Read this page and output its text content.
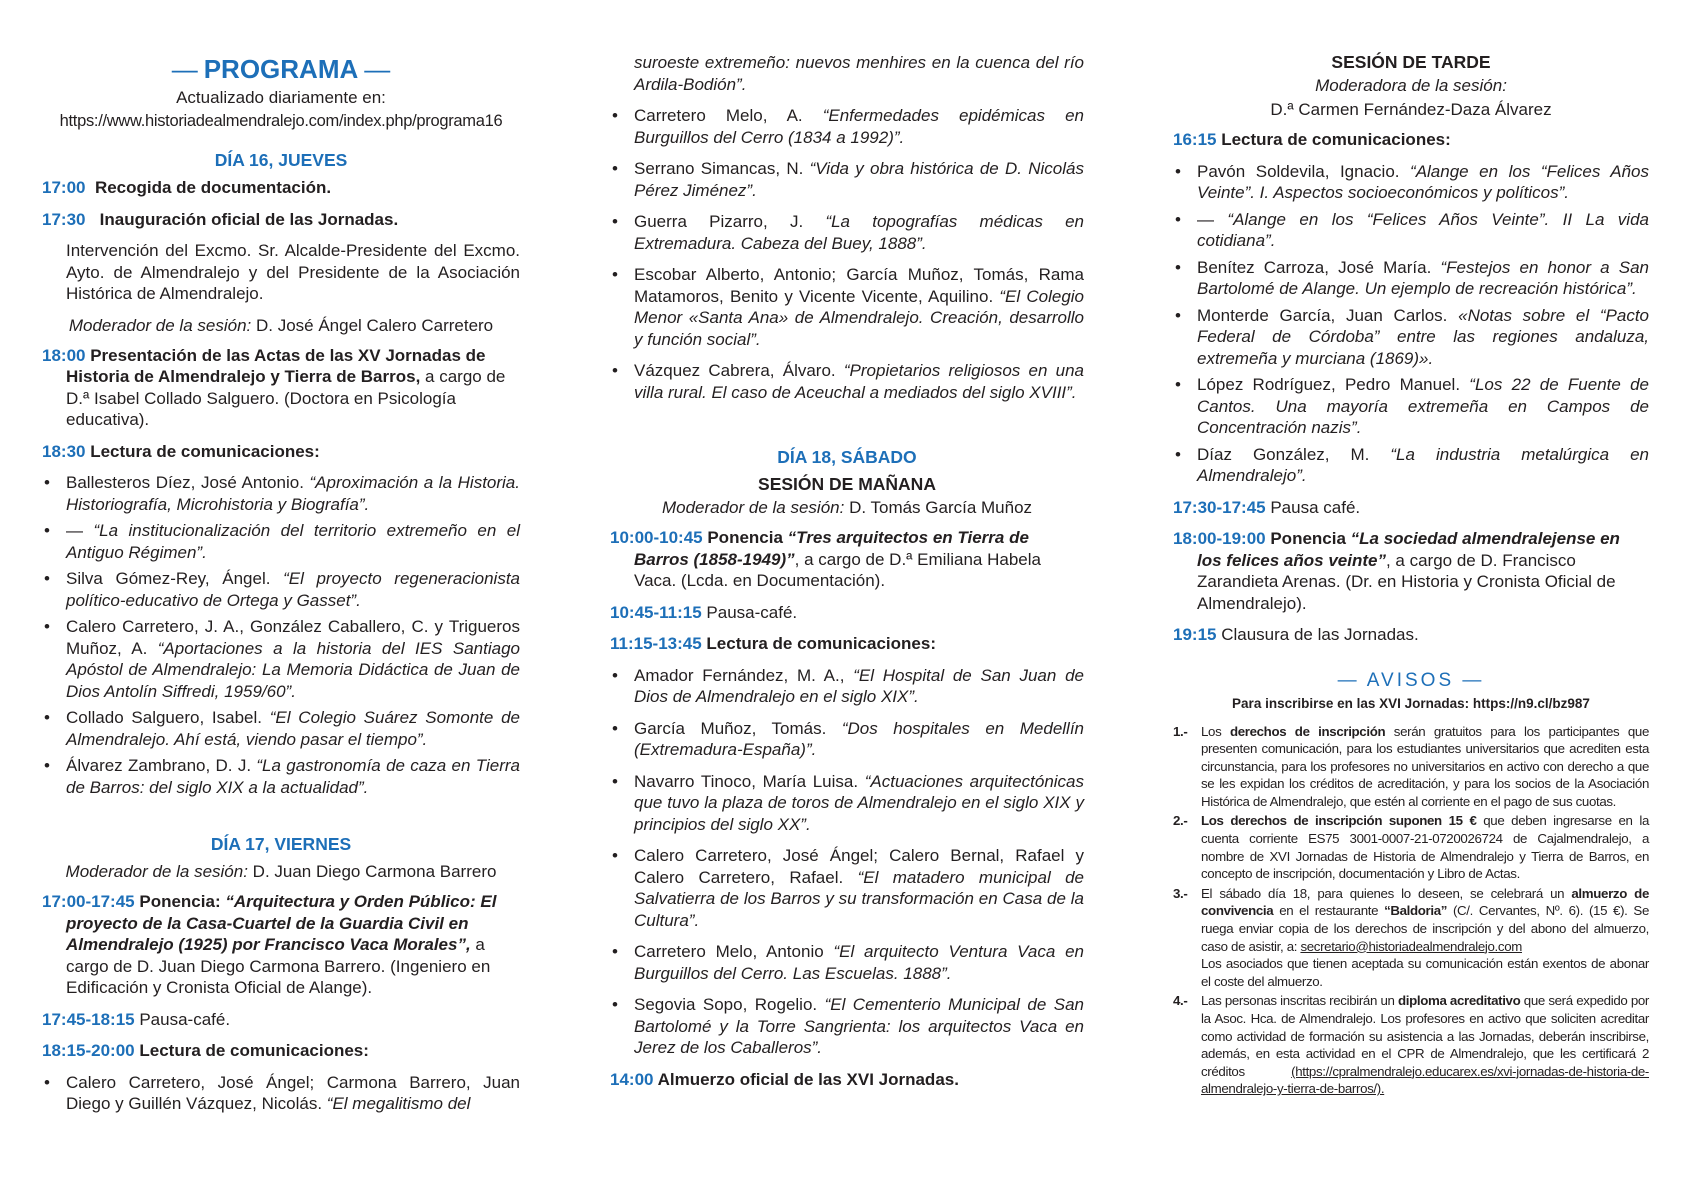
— PROGRAMA —
Actualizado diariamente en:
https://www.historiadealmendralejo.com/index.php/programa16
DÍA 16, JUEVES
17:00 Recogida de documentación.
17:30 Inauguración oficial de las Jornadas.
Intervención del Excmo. Sr. Alcalde-Presidente del Excmo. Ayto. de Almendralejo y del Presidente de la Asociación Histórica de Almendralejo.
Moderador de la sesión: D. José Ángel Calero Carretero
18:00 Presentación de las Actas de las XV Jornadas de Historia de Almendralejo y Tierra de Barros, a cargo de D.ª Isabel Collado Salguero. (Doctora en Psicología educativa).
18:30 Lectura de comunicaciones:
• Ballesteros Díez, José Antonio. “Aproximación a la Historia. Historiografía, Microhistoria y Biografía”.
• — “La institucionalización del territorio extremeño en el Antiguo Régimen”.
• Silva Gómez-Rey, Ángel. “El proyecto regeneracionista político-educativo de Ortega y Gasset”.
• Calero Carretero, J. A., González Caballero, C. y Trigueros Muñoz, A. “Aportaciones a la historia del IES Santiago Apóstol de Almendralejo: La Memoria Didáctica de Juan de Dios Antolín Siffredi, 1959/60”.
• Collado Salguero, Isabel. “El Colegio Suárez Somonte de Almendralejo. Ahí está, viendo pasar el tiempo”.
• Álvarez Zambrano, D. J. “La gastronomía de caza en Tierra de Barros: del siglo XIX a la actualidad”.
DÍA 17, VIERNES
Moderador de la sesión: D. Juan Diego Carmona Barrero
17:00-17:45 Ponencia: “Arquitectura y Orden Público: El proyecto de la Casa-Cuartel de la Guardia Civil en Almendralejo (1925) por Francisco Vaca Morales”, a cargo de D. Juan Diego Carmona Barrero. (Ingeniero en Edificación y Cronista Oficial de Alange).
17:45-18:15 Pausa-café.
18:15-20:00 Lectura de comunicaciones:
• Calero Carretero, José Ángel; Carmona Barrero, Juan Diego y Guillén Vázquez, Nicolás. “El megalitismo del
suroeste extremeño: nuevos menhires en la cuenca del río Ardila-Bodión”.
• Carretero Melo, A. “Enfermedades epidémicas en Burguillos del Cerro (1834 a 1992)”.
• Serrano Simancas, N. “Vida y obra histórica de D. Nicolás Pérez Jiménez”.
• Guerra Pizarro, J. “La topografías médicas en Extremadura. Cabeza del Buey, 1888”.
• Escobar Alberto, Antonio; García Muñoz, Tomás, Rama Matamoros, Benito y Vicente Vicente, Aquilino. “El Colegio Menor «Santa Ana» de Almendralejo. Creación, desarrollo y función social”.
• Vázquez Cabrera, Álvaro. “Propietarios religiosos en una villa rural. El caso de Aceuchal a mediados del siglo XVIII”.
DÍA 18, SÁBADO
SESIÓN DE MAÑANA
Moderador de la sesión: D. Tomás García Muñoz
10:00-10:45 Ponencia “Tres arquitectos en Tierra de Barros (1858-1949)”, a cargo de D.ª Emiliana Habela Vaca. (Lcda. en Documentación).
10:45-11:15 Pausa-café.
11:15-13:45 Lectura de comunicaciones:
• Amador Fernández, M. A., “El Hospital de San Juan de Dios de Almendralejo en el siglo XIX”.
• García Muñoz, Tomás. “Dos hospitales en Medellín (Extremadura-España)”.
• Navarro Tinoco, María Luisa. “Actuaciones arquitectónicas que tuvo la plaza de toros de Almendralejo en el siglo XIX y principios del siglo XX”.
• Calero Carretero, José Ángel; Calero Bernal, Rafael y Calero Carretero, Rafael. “El matadero municipal de Salvatierra de los Barros y su transformación en Casa de la Cultura”.
• Carretero Melo, Antonio “El arquitecto Ventura Vaca en Burguillos del Cerro. Las Escuelas. 1888”.
• Segovia Sopo, Rogelio. “El Cementerio Municipal de San Bartolomé y la Torre Sangrienta: los arquitectos Vaca en Jerez de los Caballeros”.
14:00 Almuerzo oficial de las XVI Jornadas.
SESIÓN DE TARDE
Moderadora de la sesión:
D.ª Carmen Fernández-Daza Álvarez
16:15 Lectura de comunicaciones:
• Pavón Soldevila, Ignacio. “Alange en los “Felices Años Veinte”. I. Aspectos socioeconómicos y políticos”.
• — “Alange en los “Felices Años Veinte”. II La vida cotidiana”.
• Benítez Carroza, José María. “Festejos en honor a San Bartolomé de Alange. Un ejemplo de recreación histórica”.
• Monterde García, Juan Carlos. «Notas sobre el “Pacto Federal de Córdoba” entre las regiones andaluza, extremeña y murciana (1869)».
• López Rodríguez, Pedro Manuel. “Los 22 de Fuente de Cantos. Una mayoría extremeña en Campos de Concentración nazis”.
• Díaz González, M. “La industria metalúrgica en Almendralejo”.
17:30-17:45 Pausa café.
18:00-19:00 Ponencia “La sociedad almendralejense en los felices años veinte”, a cargo de D. Francisco Zarandieta Arenas. (Dr. en Historia y Cronista Oficial de Almendralejo).
19:15 Clausura de las Jornadas.
— AVISOS —
Para inscribirse en las XVI Jornadas: https://n9.cl/bz987
1.- Los derechos de inscripción serán gratuitos para los participantes que presenten comunicación, para los estudiantes universitarios que acrediten esta circunstancia, para los profesores no universitarios en activo con derecho a que se les expidan los créditos de acreditación, y para los socios de la Asociación Histórica de Almendralejo, que estén al corriente en el pago de sus cuotas.
2.- Los derechos de inscripción suponen 15 € que deben ingresarse en la cuenta corriente ES75 3001-0007-21-0720026724 de Cajalmendralejo, a nombre de XVI Jornadas de Historia de Almendralejo y Tierra de Barros, en concepto de inscripción, documentación y Libro de Actas.
3.- El sábado día 18, para quienes lo deseen, se celebrará un almuerzo de convivencia en el restaurante “Baldoria” (C/. Cervantes, Nº. 6). (15 €). Se ruega enviar copia de los derechos de inscripción y del abono del almuerzo, caso de asistir, a: secretario@historiadealmendralejo.com
Los asociados que tienen aceptada su comunicación están exentos de abonar el coste del almuerzo.
4.- Las personas inscritas recibirán un diploma acreditativo que será expedido por la Asoc. Hca. de Almendralejo. Los profesores en activo que soliciten acreditar como actividad de formación su asistencia a las Jornadas, deberán inscribirse, además, en esta actividad en el CPR de Almendralejo, que les certificará 2 créditos (https://cpralmendralejo.educarex.es/xvi-jornadas-de-historia-de-almendralejo-y-tierra-de-barros/).
